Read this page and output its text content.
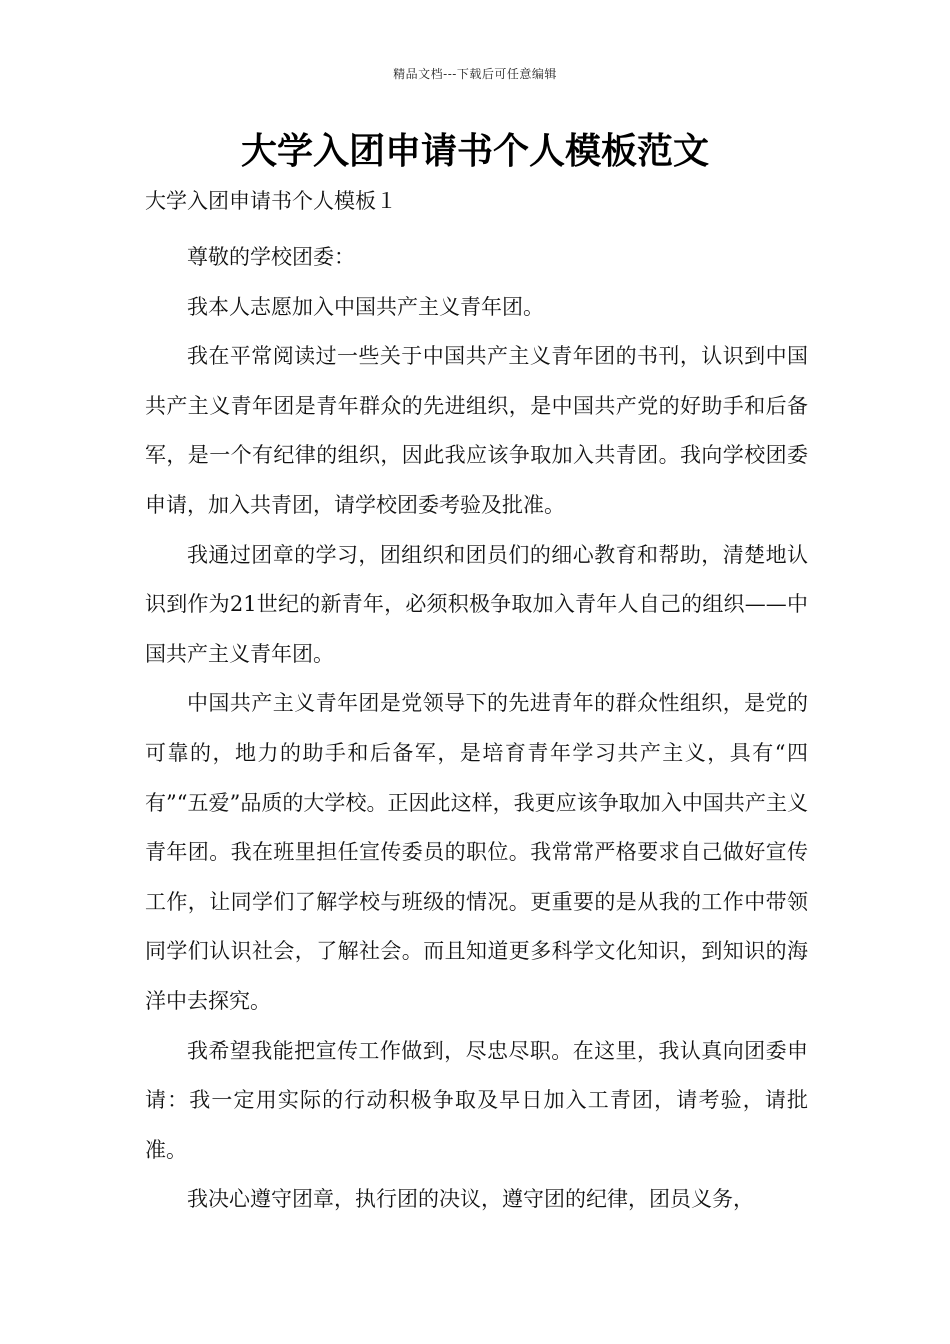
精品文档---下载后可任意编辑
大学入团申请书个人模板范文

大学入团申请书个人模板１

尊敬的学校团委：

我本人志愿加入中国共产主义青年团。

我在平常阅读过一些关于中国共产主义青年团的书刊，认识到中国共产主义青年团是青年群众的先进组织，是中国共产党的好助手和后备军，是一个有纪律的组织，因此我应该争取加入共青团。我向学校团委申请，加入共青团，请学校团委考验及批准。

我通过团章的学习，团组织和团员们的细心教育和帮助，清楚地认识到作为21世纪的新青年，必须积极争取加入青年人自己的组织——中国共产主义青年团。

中国共产主义青年团是党领导下的先进青年的群众性组织，是党的可靠的，地力的助手和后备军，是培育青年学习共产主义，具有“四有”“五爱”品质的大学校。正因此这样，我更应该争取加入中国共产主义青年团。我在班里担任宣传委员的职位。我常常严格要求自己做好宣传工作，让同学们了解学校与班级的情况。更重要的是从我的工作中带领同学们认识社会，了解社会。而且知道更多科学文化知识，到知识的海洋中去探究。

我希望我能把宣传工作做到，尽忠尽职。在这里，我认真向团委申请：我一定用实际的行动积极争取及早日加入工青团，请考验，请批准。

我决心遵守团章，执行团的决议，遵守团的纪律，团员义务，
